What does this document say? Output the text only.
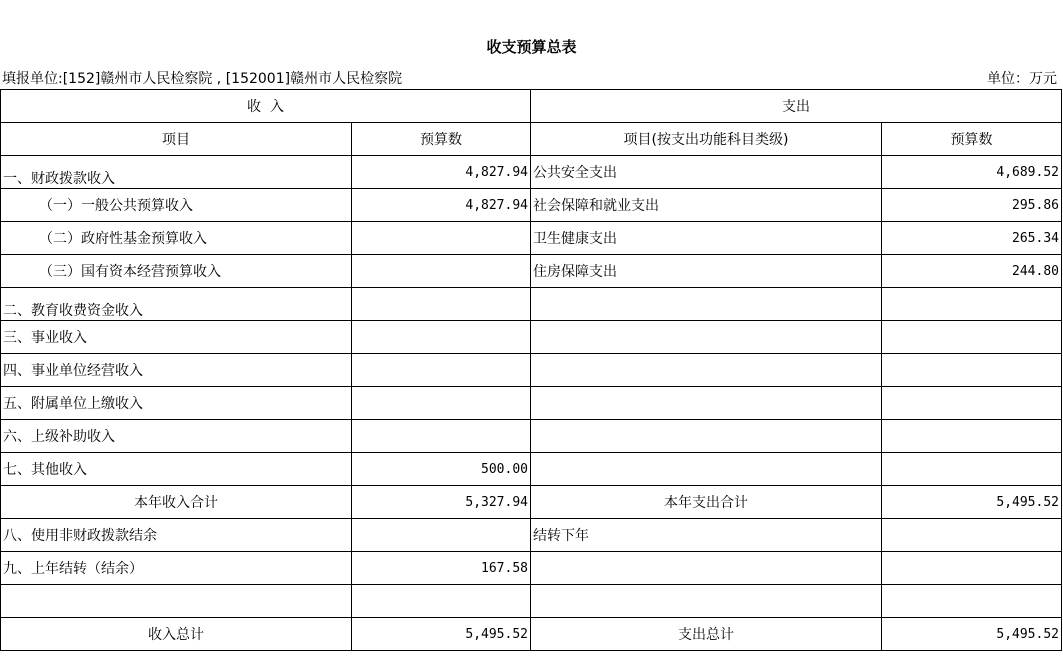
收支预算总表
填报单位:[152]赣州市人民检察院 , [152001]赣州市人民检察院	单位：万元
收  入		支出	
项目	预算数	项目(按支出功能科目类级)	预算数
一、财政拨款收入	4,827.94	公共安全支出	4,689.52
（一）一般公共预算收入	4,827.94	社会保障和就业支出	295.86
（二）政府性基金预算收入		卫生健康支出	265.34
（三）国有资本经营预算收入		住房保障支出	244.80
二、教育收费资金收入			
三、事业收入			
四、事业单位经营收入			
五、附属单位上缴收入			
六、上级补助收入			
七、其他收入	500.00		
本年收入合计	5,327.94	本年支出合计	5,495.52
八、使用非财政拨款结余		结转下年	
九、上年结转（结余）	167.58		

收入总计	5,495.52	支出总计	5,495.52
